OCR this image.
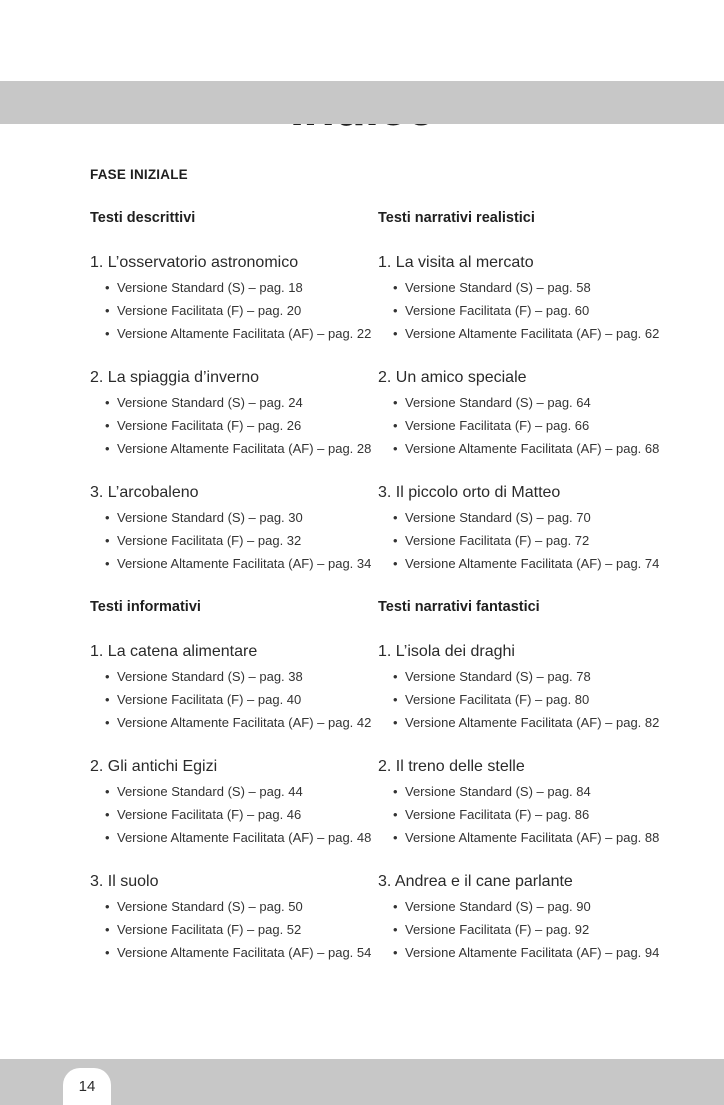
FASE INIZIALE
Testi descrittivi
1. L’osservatorio astronomico
• Versione Standard (S) – pag. 18
• Versione Facilitata (F) – pag. 20
• Versione Altamente Facilitata (AF) – pag. 22
2. La spiaggia d’inverno
• Versione Standard (S) – pag. 24
• Versione Facilitata (F) – pag. 26
• Versione Altamente Facilitata (AF) – pag. 28
3. L’arcobaleno
• Versione Standard (S) – pag. 30
• Versione Facilitata (F) – pag. 32
• Versione Altamente Facilitata (AF) – pag. 34
Testi informativi
1. La catena alimentare
• Versione Standard (S) – pag. 38
• Versione Facilitata (F) – pag. 40
• Versione Altamente Facilitata (AF) – pag. 42
2. Gli antichi Egizi
• Versione Standard (S) – pag. 44
• Versione Facilitata (F) – pag. 46
• Versione Altamente Facilitata (AF) – pag. 48
3. Il suolo
• Versione Standard (S) – pag. 50
• Versione Facilitata (F) – pag. 52
• Versione Altamente Facilitata (AF) – pag. 54
Testi narrativi realistici
1. La visita al mercato
• Versione Standard (S) – pag. 58
• Versione Facilitata (F) – pag. 60
• Versione Altamente Facilitata (AF) – pag. 62
2. Un amico speciale
• Versione Standard (S) – pag. 64
• Versione Facilitata (F) – pag. 66
• Versione Altamente Facilitata (AF) – pag. 68
3. Il piccolo orto di Matteo
• Versione Standard (S) – pag. 70
• Versione Facilitata (F) – pag. 72
• Versione Altamente Facilitata (AF) – pag. 74
Testi narrativi fantastici
1. L’isola dei draghi
• Versione Standard (S) – pag. 78
• Versione Facilitata (F) – pag. 80
• Versione Altamente Facilitata (AF) – pag. 82
2. Il treno delle stelle
• Versione Standard (S) – pag. 84
• Versione Facilitata (F) – pag. 86
• Versione Altamente Facilitata (AF) – pag. 88
3. Andrea e il cane parlante
• Versione Standard (S) – pag. 90
• Versione Facilitata (F) – pag. 92
• Versione Altamente Facilitata (AF) – pag. 94
14
